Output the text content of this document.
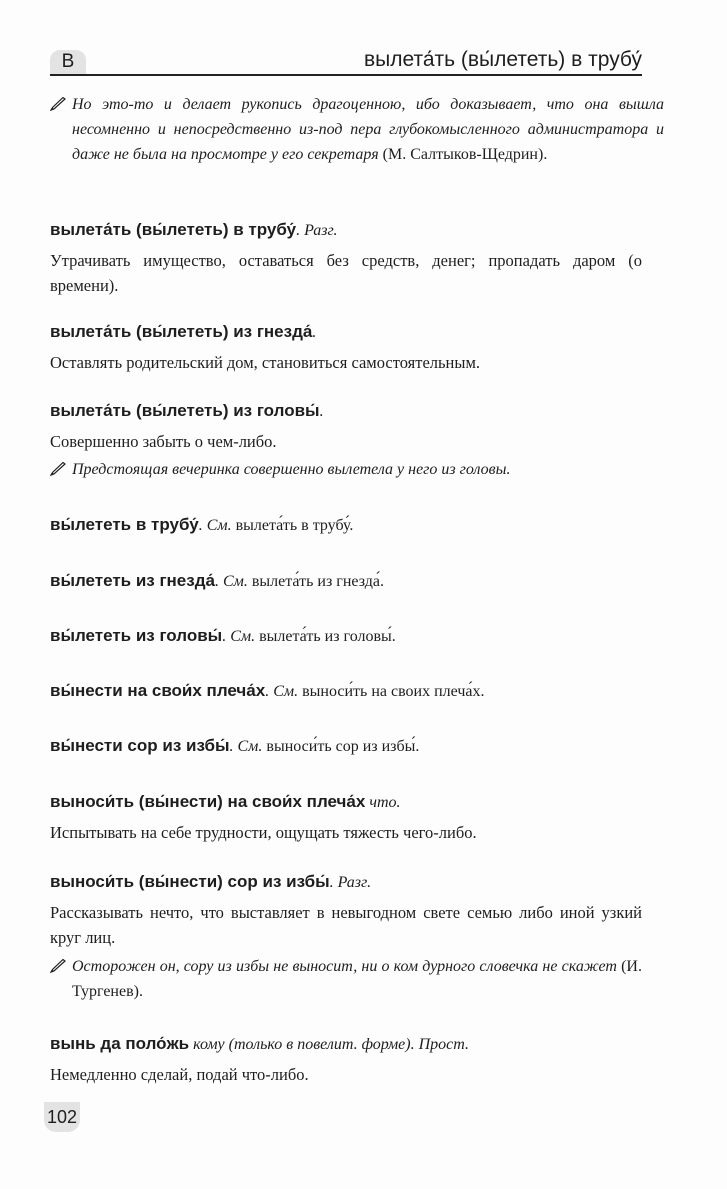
В	вылета́ть (вы́лететь) в трубу́
Но это-то и делает рукопись драгоценною, ибо доказывает, что она вышла несомненно и непосредственно из-под пера глубокомысленного администратора и даже не была на просмотре у его секретаря (М. Салтыков-Щедрин).
вылета́ть (вы́лететь) в трубу́. Разг.
Утрачивать имущество, оставаться без средств, денег; пропадать даром (о времени).
вылета́ть (вы́лететь) из гнезда́.
Оставлять родительский дом, становиться самостоятельным.
вылета́ть (вы́лететь) из головы́.
Совершенно забыть о чем-либо.
Предстоящая вечеринка совершенно вылетела у него из головы.
вы́лететь в трубу́. См. вылета́ть в трубу́.
вы́лететь из гнезда́. См. вылета́ть из гнезда́.
вы́лететь из головы́. См. вылета́ть из головы́.
вы́нести на свои́х плеча́х. См. выноси́ть на своих плеча́х.
вы́нести сор из избы́. См. выноси́ть сор из избы́.
выноси́ть (вы́нести) на свои́х плеча́х что.
Испытывать на себе трудности, ощущать тяжесть чего-либо.
выноси́ть (вы́нести) сор из избы́. Разг.
Рассказывать нечто, что выставляет в невыгодном свете семью либо иной узкий круг лиц.
Осторожен он, сору из избы не выносит, ни о ком дурного словечка не скажет (И. Тургенев).
вынь да поло́жь кому (только в повелит. форме). Прост.
Немедленно сделай, подай что-либо.
102
